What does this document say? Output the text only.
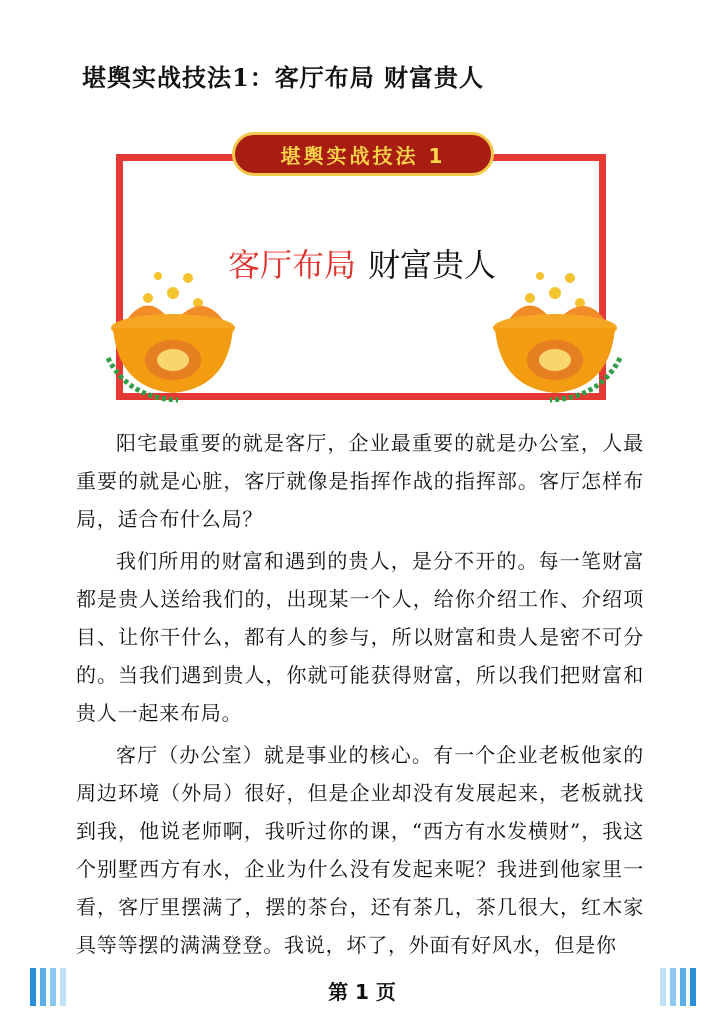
堪舆实战技法1：客厅布局 财富贵人
堪舆实战技法 1
客厅布局 财富贵人

阳宅最重要的就是客厅，企业最重要的就是办公室，人最重要的就是心脏，客厅就像是指挥作战的指挥部。客厅怎样布局，适合布什么局？

我们所用的财富和遇到的贵人，是分不开的。每一笔财富都是贵人送给我们的，出现某一个人，给你介绍工作、介绍项目、让你干什么，都有人的参与，所以财富和贵人是密不可分的。当我们遇到贵人，你就可能获得财富，所以我们把财富和贵人一起来布局。

客厅（办公室）就是事业的核心。有一个企业老板他家的周边环境（外局）很好，但是企业却没有发展起来，老板就找到我，他说老师啊，我听过你的课，“西方有水发横财”，我这个别墅西方有水，企业为什么没有发起来呢？我进到他家里一看，客厅里摆满了，摆的茶台，还有茶几，茶几很大，红木家具等等摆的满满登登。我说，坏了，外面有好风水，但是你

第 1 页
